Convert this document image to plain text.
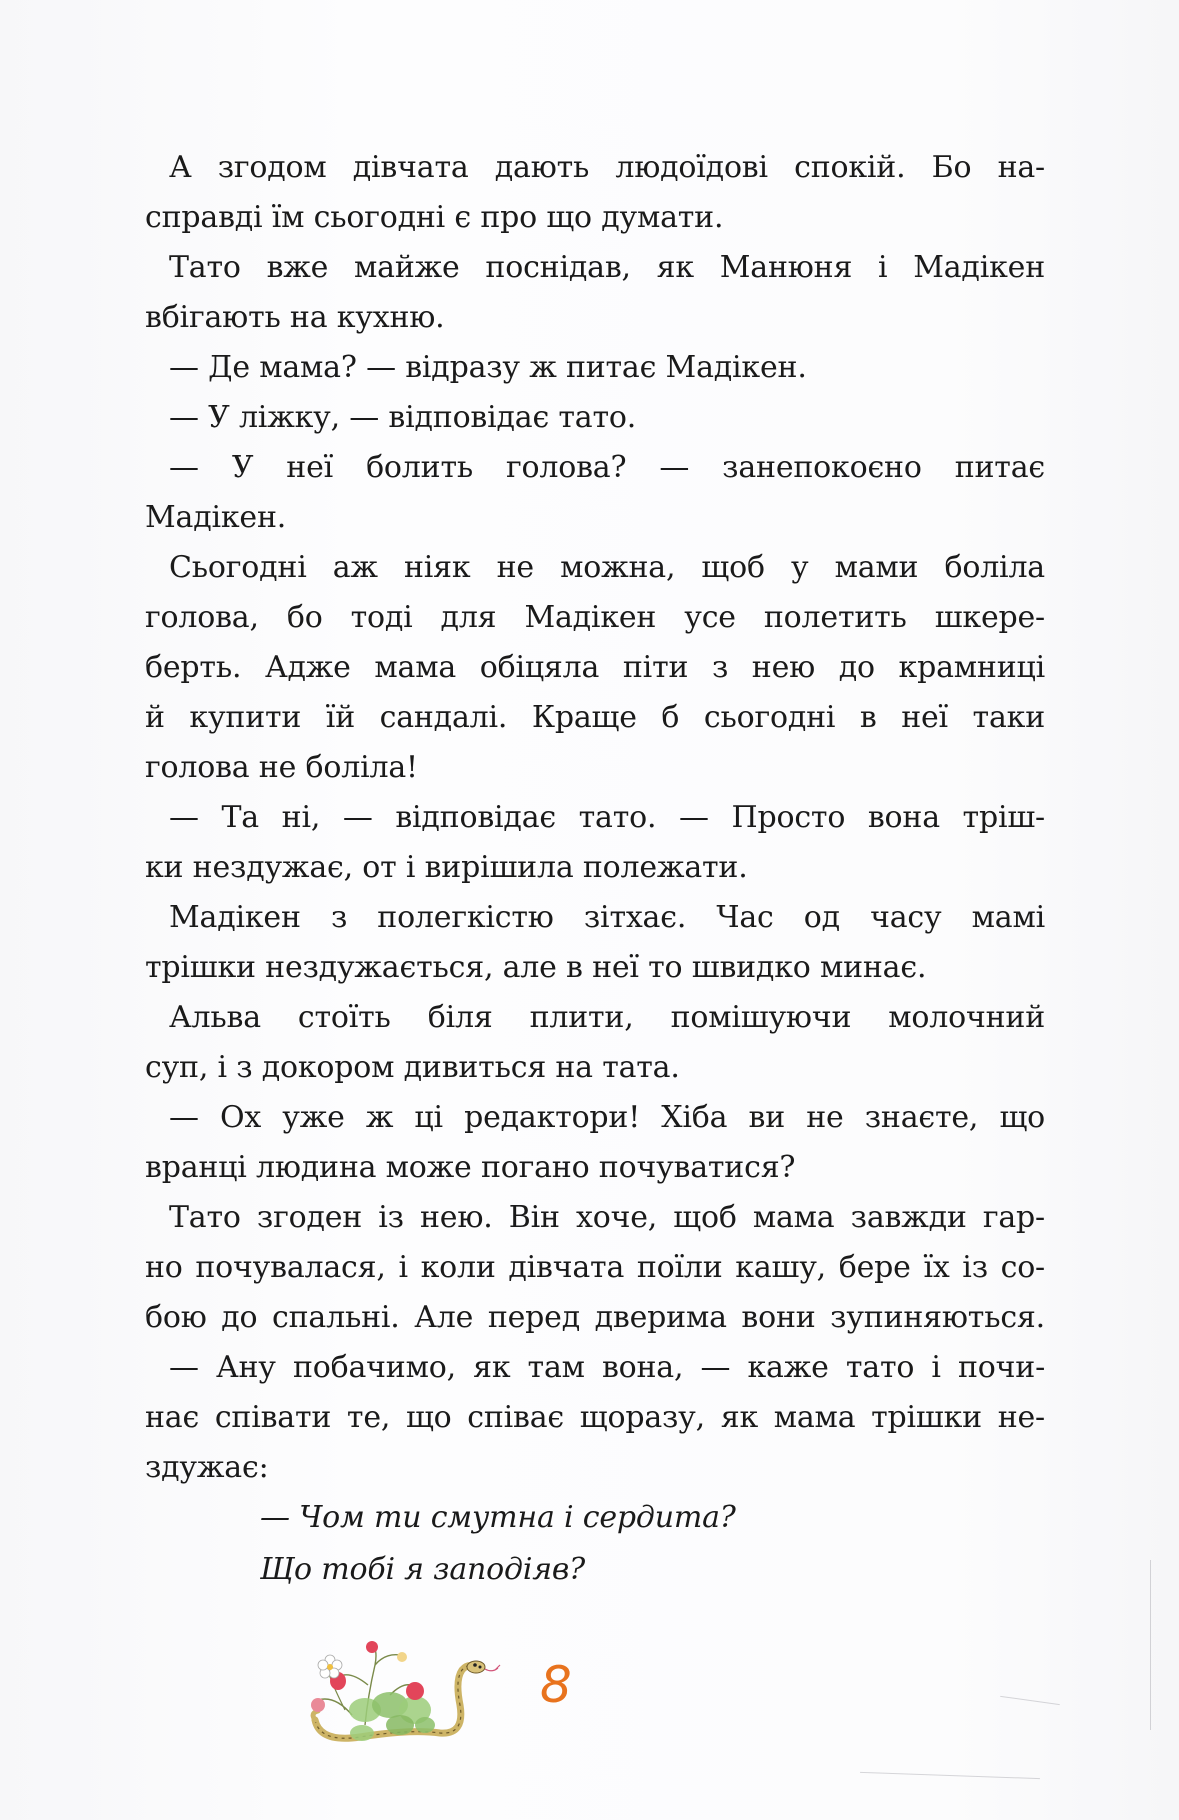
А згодом дівчата дають людоїдові спокій. Бо на-
справді їм сьогодні є про що думати.
Тато вже майже поснідав, як Манюня і Мадікен
вбігають на кухню.
— Де мама? — відразу ж питає Мадікен.
— У ліжку, — відповідає тато.
— У неї болить голова? — занепокоєно питає
Мадікен.
Сьогодні аж ніяк не можна, щоб у мами боліла
голова, бо тоді для Мадікен усе полетить шкере-
берть. Адже мама обіцяла піти з нею до крамниці
й купити їй сандалі. Краще б сьогодні в неї таки
голова не боліла!
— Та ні, — відповідає тато. — Просто вона тріш-
ки нездужає, от і вирішила полежати.
Мадікен з полегкістю зітхає. Час од часу мамі
трішки нездужається, але в неї то швидко минає.
Альва стоїть біля плити, помішуючи молочний
суп, і з докором дивиться на тата.
— Ох уже ж ці редактори! Хіба ви не знаєте, що
вранці людина може погано почуватися?
Тато згоден із нею. Він хоче, щоб мама завжди гар-
но почувалася, і коли дівчата поїли кашу, бере їх із со-
бою до спальні. Але перед дверима вони зупиняються.
— Ану побачимо, як там вона, — каже тато і почи-
нає співати те, що співає щоразу, як мама трішки не-
здужає:
— Чом ти смутна і сердита?
Що тобі я заподіяв?
8
